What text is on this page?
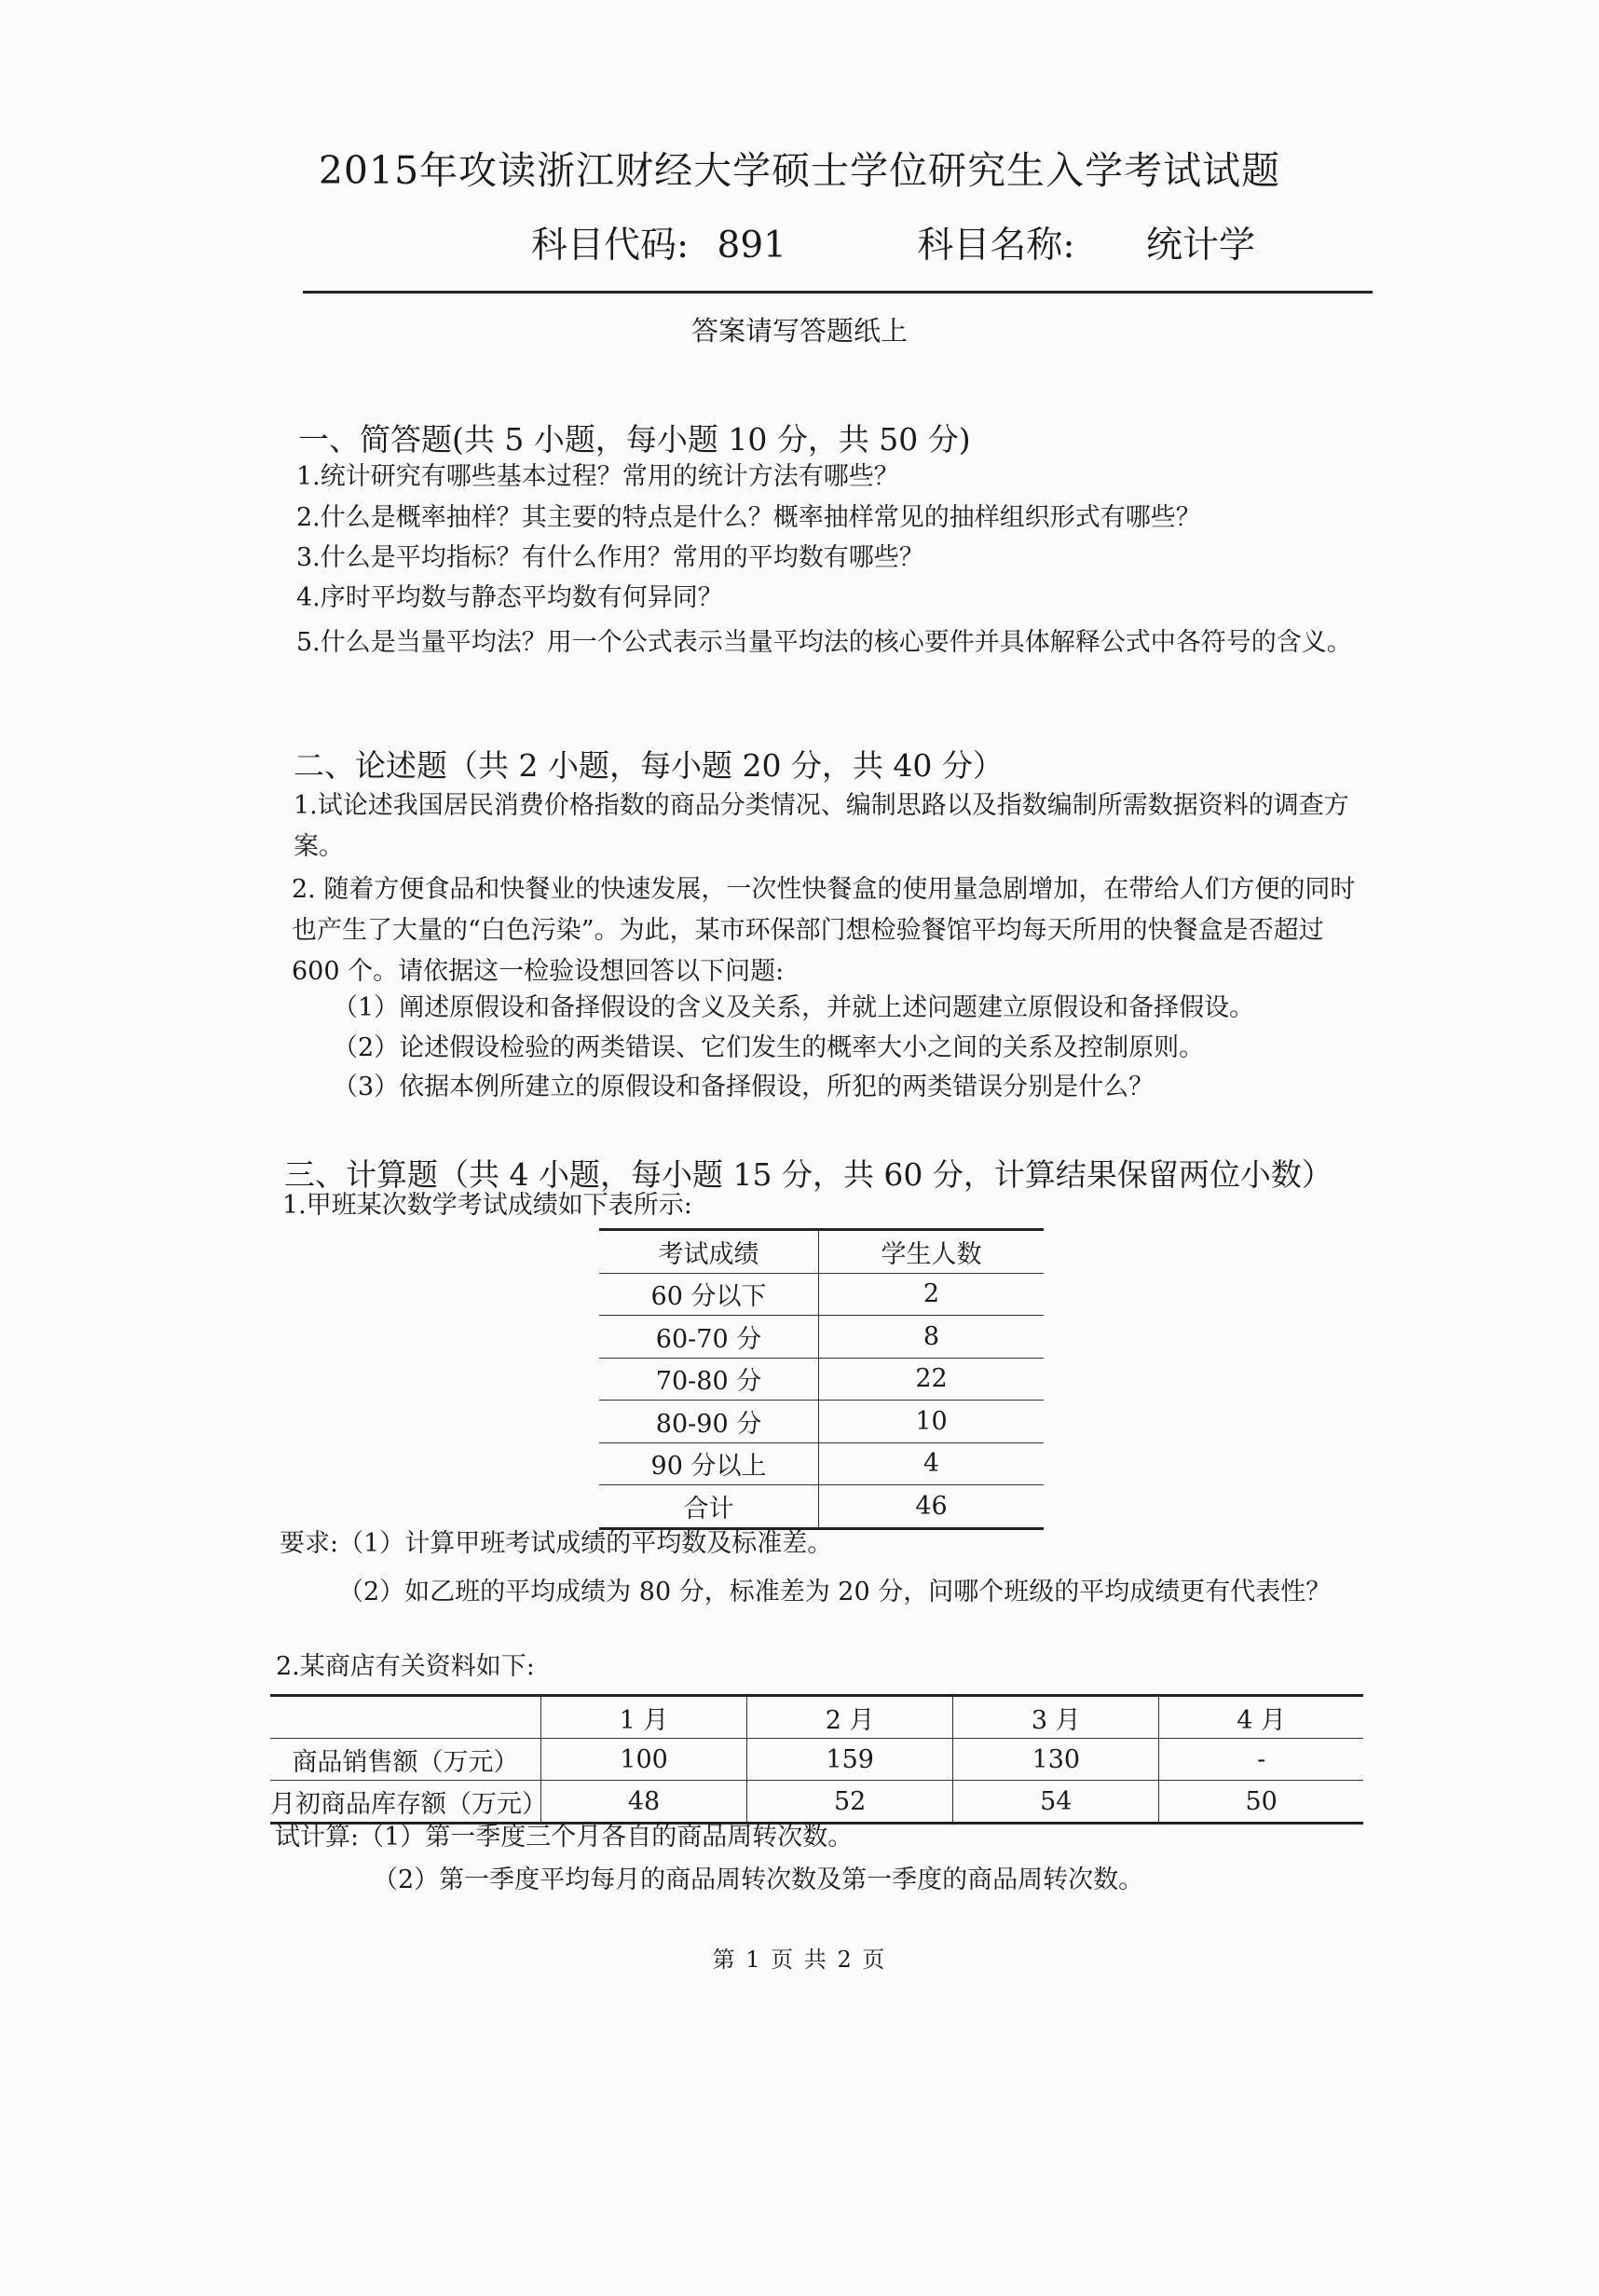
2015年攻读浙江财经大学硕士学位研究生入学考试试题
科目代码: 891	科目名称: 统计学
答案请写答题纸上
一、简答题(共 5 小题，每小题 10 分，共 50 分)
1.统计研究有哪些基本过程？常用的统计方法有哪些？
2.什么是概率抽样？其主要的特点是什么？概率抽样常见的抽样组织形式有哪些？
3.什么是平均指标？有什么作用？常用的平均数有哪些？
4.序时平均数与静态平均数有何异同？
5.什么是当量平均法？用一个公式表示当量平均法的核心要件并具体解释公式中各符号的含义。
二、论述题（共 2 小题，每小题 20 分，共 40 分）
1.试论述我国居民消费价格指数的商品分类情况、编制思路以及指数编制所需数据资料的调查方案。
2. 随着方便食品和快餐业的快速发展，一次性快餐盒的使用量急剧增加，在带给人们方便的同时也产生了大量的“白色污染”。为此，某市环保部门想检验餐馆平均每天所用的快餐盒是否超过 600 个。请依据这一检验设想回答以下问题:
（1）阐述原假设和备择假设的含义及关系，并就上述问题建立原假设和备择假设。
（2）论述假设检验的两类错误、它们发生的概率大小之间的关系及控制原则。
（3）依据本例所建立的原假设和备择假设，所犯的两类错误分别是什么？
三、计算题（共 4 小题，每小题 15 分，共 60 分，计算结果保留两位小数）
1.甲班某次数学考试成绩如下表所示:
考试成绩	学生人数
60 分以下	2
60-70 分	8
70-80 分	22
80-90 分	10
90 分以上	4
合计	46
要求:（1）计算甲班考试成绩的平均数及标准差。
（2）如乙班的平均成绩为 80 分，标准差为 20 分，问哪个班级的平均成绩更有代表性？
2.某商店有关资料如下:
	1 月	2 月	3 月	4 月
商品销售额（万元）	100	159	130	-
月初商品库存额（万元）	48	52	54	50
试计算:（1）第一季度三个月各自的商品周转次数。
（2）第一季度平均每月的商品周转次数及第一季度的商品周转次数。
第 1 页 共 2 页
